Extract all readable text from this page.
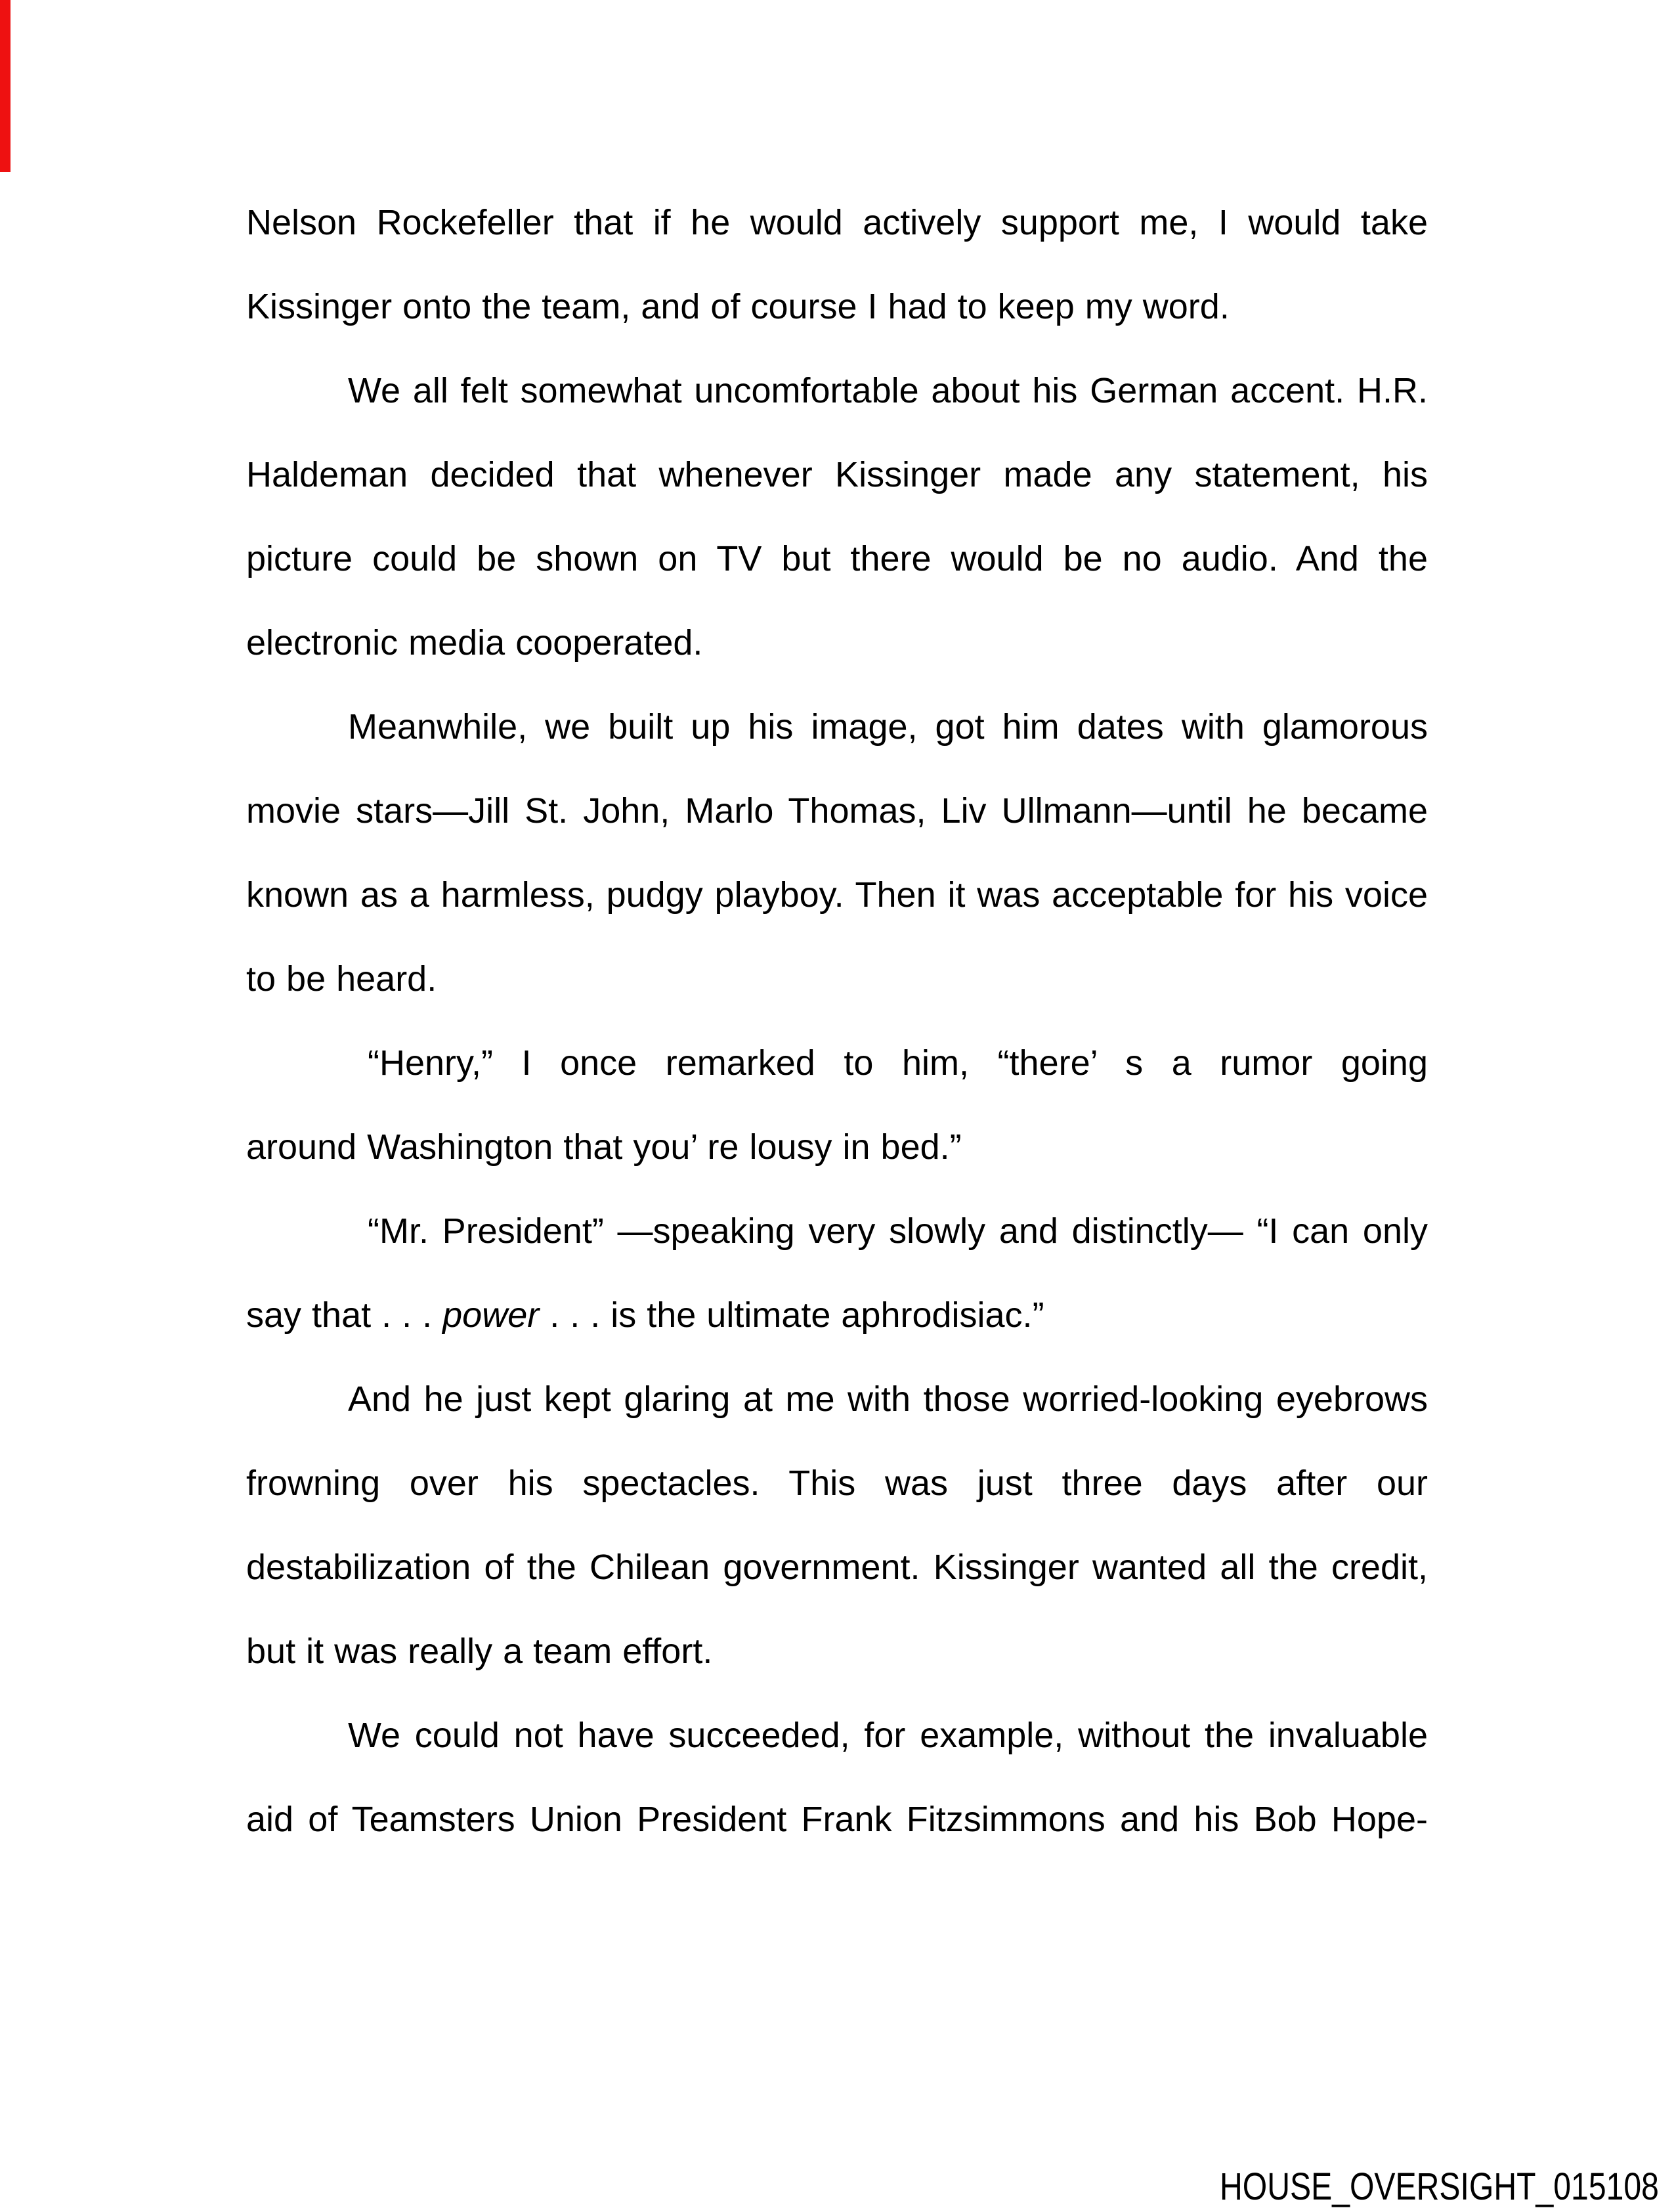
Nelson Rockefeller that if he would actively support me, I would take
Kissinger onto the team, and of course I had to keep my word.
We all felt somewhat uncomfortable about his German accent. H.R.
Haldeman decided that whenever Kissinger made any statement, his
picture could be shown on TV but there would be no audio. And the
electronic media cooperated.
Meanwhile, we built up his image, got him dates with glamorous
movie stars—Jill St. John, Marlo Thomas, Liv Ullmann—until he became
known as a harmless, pudgy playboy. Then it was acceptable for his voice
to be heard.
“Henry,” I once remarked to him, “there’ s a rumor going
around Washington that you’ re lousy in bed.”
“Mr. President” —speaking very slowly and distinctly— “I can only
say that . . . power . . . is the ultimate aphrodisiac.”
And he just kept glaring at me with those worried-looking eyebrows
frowning over his spectacles. This was just three days after our
destabilization of the Chilean government. Kissinger wanted all the credit,
but it was really a team effort.
We could not have succeeded, for example, without the invaluable
aid of Teamsters Union President Frank Fitzsimmons and his Bob Hope-
HOUSE_OVERSIGHT_015108
